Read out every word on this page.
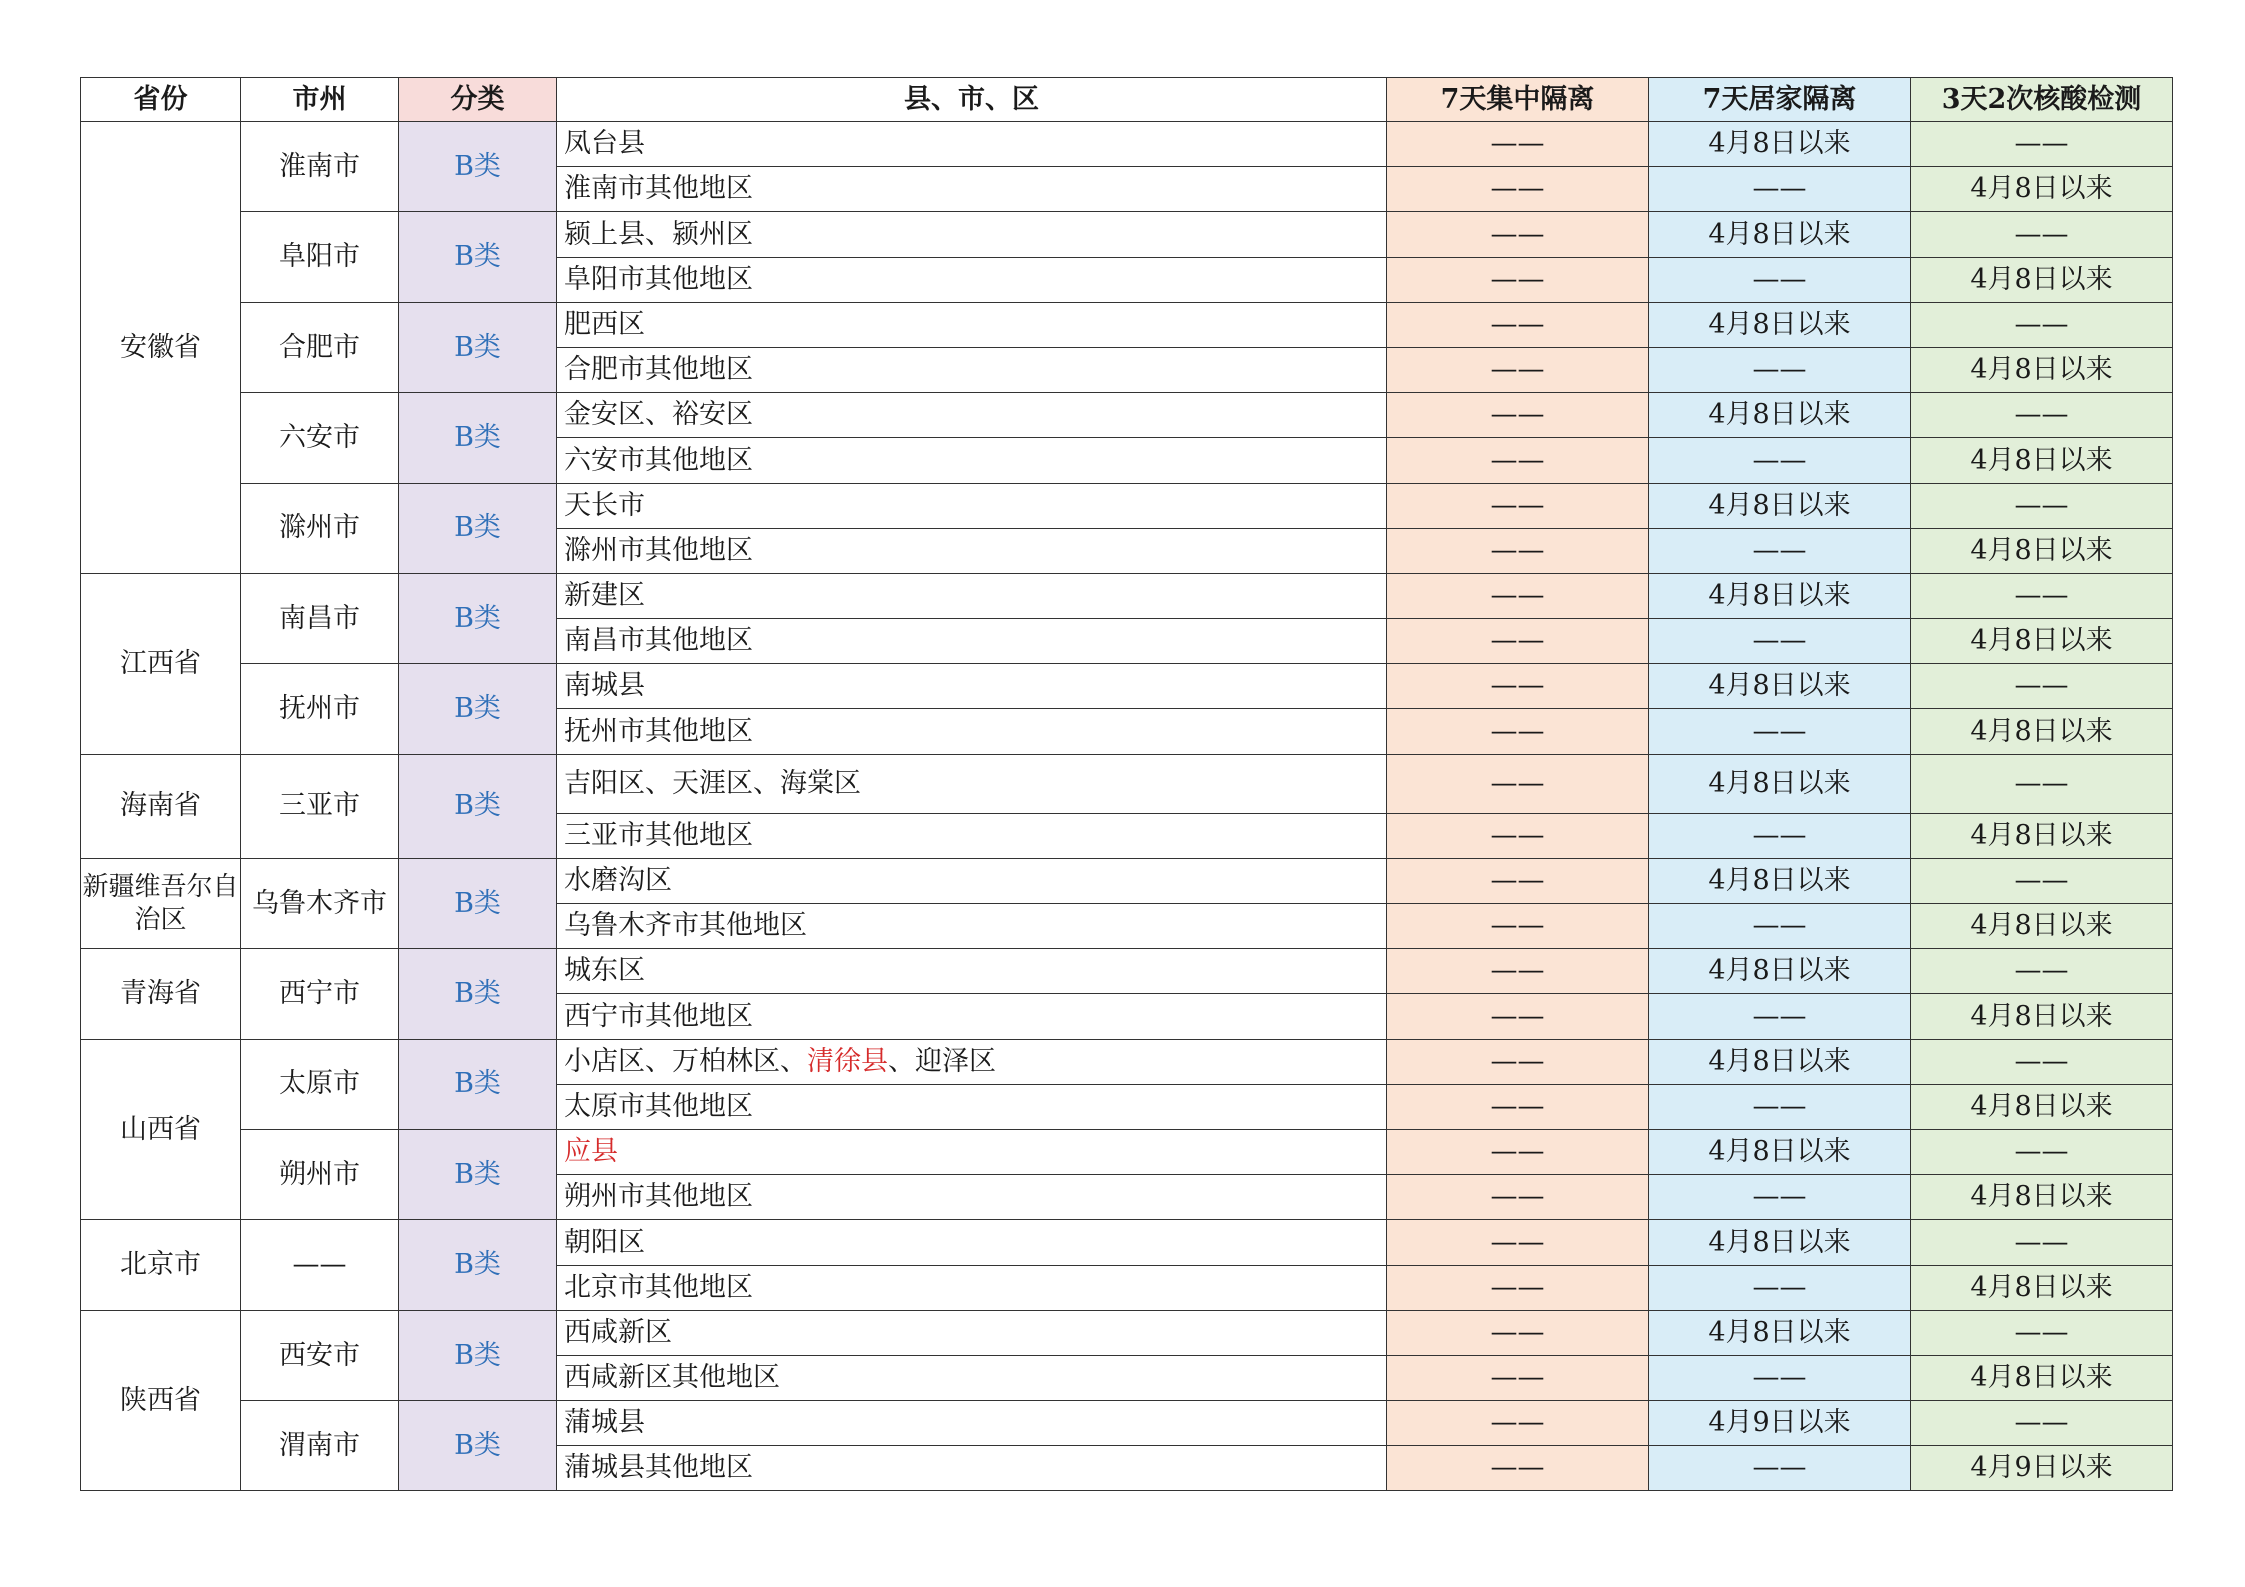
省份	市州	分类	县、市、区	7天集中隔离	7天居家隔离	3天2次核酸检测
安徽省	淮南市	B类	凤台县	——	4月8日以来	——
			淮南市其他地区	——	——	4月8日以来
	阜阳市	B类	颍上县、颍州区	——	4月8日以来	——
			阜阳市其他地区	——	——	4月8日以来
	合肥市	B类	肥西区	——	4月8日以来	——
			合肥市其他地区	——	——	4月8日以来
	六安市	B类	金安区、裕安区	——	4月8日以来	——
			六安市其他地区	——	——	4月8日以来
	滁州市	B类	天长市	——	4月8日以来	——
			滁州市其他地区	——	——	4月8日以来
江西省	南昌市	B类	新建区	——	4月8日以来	——
			南昌市其他地区	——	——	4月8日以来
	抚州市	B类	南城县	——	4月8日以来	——
			抚州市其他地区	——	——	4月8日以来
海南省	三亚市	B类	吉阳区、天涯区、海棠区	——	4月8日以来	——
			三亚市其他地区	——	——	4月8日以来
新疆维吾尔自治区	乌鲁木齐市	B类	水磨沟区	——	4月8日以来	——
			乌鲁木齐市其他地区	——	——	4月8日以来
青海省	西宁市	B类	城东区	——	4月8日以来	——
			西宁市其他地区	——	——	4月8日以来
山西省	太原市	B类	小店区、万柏林区、清徐县、迎泽区	——	4月8日以来	——
			太原市其他地区	——	——	4月8日以来
	朔州市	B类	应县	——	4月8日以来	——
			朔州市其他地区	——	——	4月8日以来
北京市	——	B类	朝阳区	——	4月8日以来	——
			北京市其他地区	——	——	4月8日以来
陕西省	西安市	B类	西咸新区	——	4月8日以来	——
			西咸新区其他地区	——	——	4月8日以来
	渭南市	B类	蒲城县	——	4月9日以来	——
			蒲城县其他地区	——	——	4月9日以来
